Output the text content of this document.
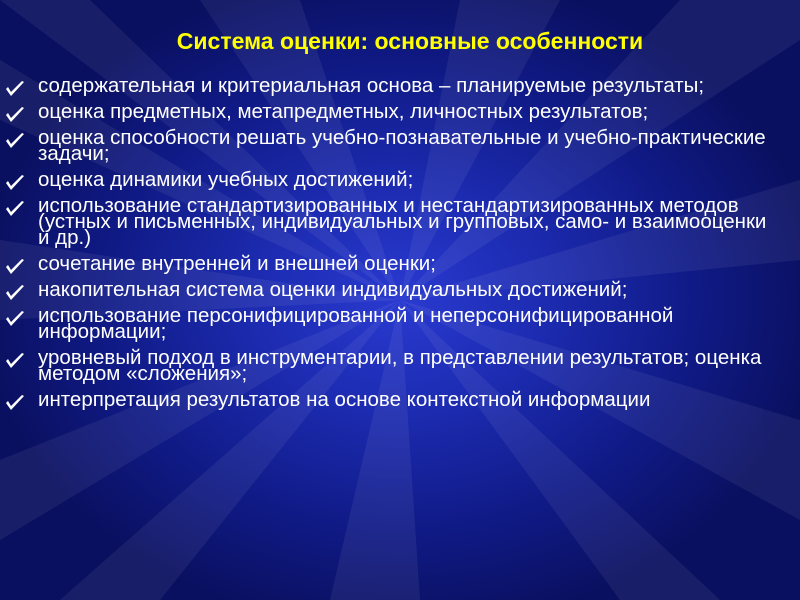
Система оценки: основные особенности
содержательная и критериальная основа – планируемые результаты;
оценка предметных, метапредметных, личностных результатов;
оценка способности решать учебно-познавательные и учебно-практические задачи;
оценка динамики учебных достижений;
использование стандартизированных и нестандартизированных методов (устных и письменных, индивидуальных и групповых, само- и взаимооценки и др.)
сочетание внутренней и внешней оценки;
накопительная система оценки индивидуальных достижений;
использование персонифицированной и неперсонифицированной информации;
уровневый подход в инструментарии, в представлении результатов; оценка методом «сложения»;
интерпретация результатов на основе контекстной информации
